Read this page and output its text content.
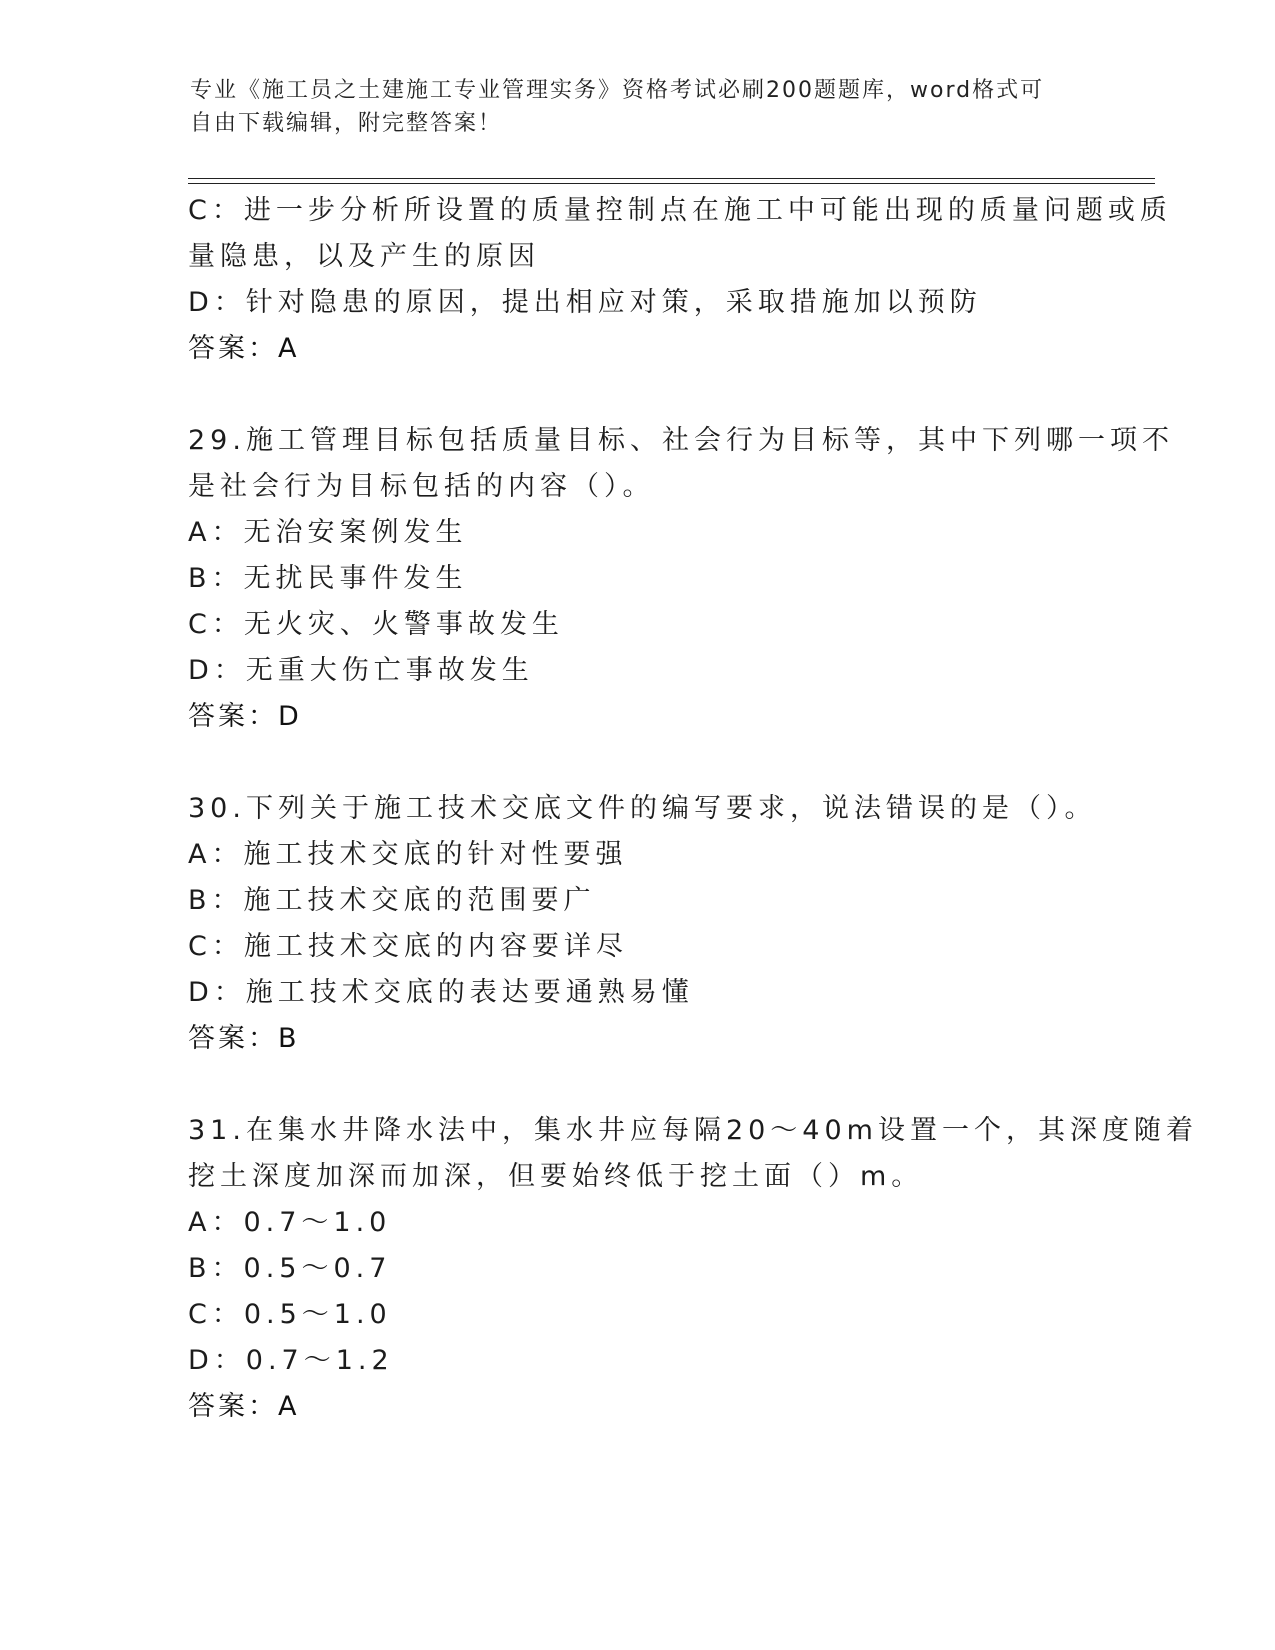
专业《施工员之土建施工专业管理实务》资格考试必刷200题题库，word格式可
自由下载编辑，附完整答案！
C：进一步分析所设置的质量控制点在施工中可能出现的质量问题或质
量隐患，以及产生的原因
D：针对隐患的原因，提出相应对策，采取措施加以预防
答案：A
29.施工管理目标包括质量目标、社会行为目标等，其中下列哪一项不
是社会行为目标包括的内容（）。
A：无治安案例发生
B：无扰民事件发生
C：无火灾、火警事故发生
D：无重大伤亡事故发生
答案：D
30.下列关于施工技术交底文件的编写要求，说法错误的是（）。
A：施工技术交底的针对性要强
B：施工技术交底的范围要广
C：施工技术交底的内容要详尽
D：施工技术交底的表达要通熟易懂
答案：B
31.在集水井降水法中，集水井应每隔20～40m设置一个，其深度随着
挖土深度加深而加深，但要始终低于挖土面（）m。
A：0.7～1.0
B：0.5～0.7
C：0.5～1.0
D：0.7～1.2
答案：A
